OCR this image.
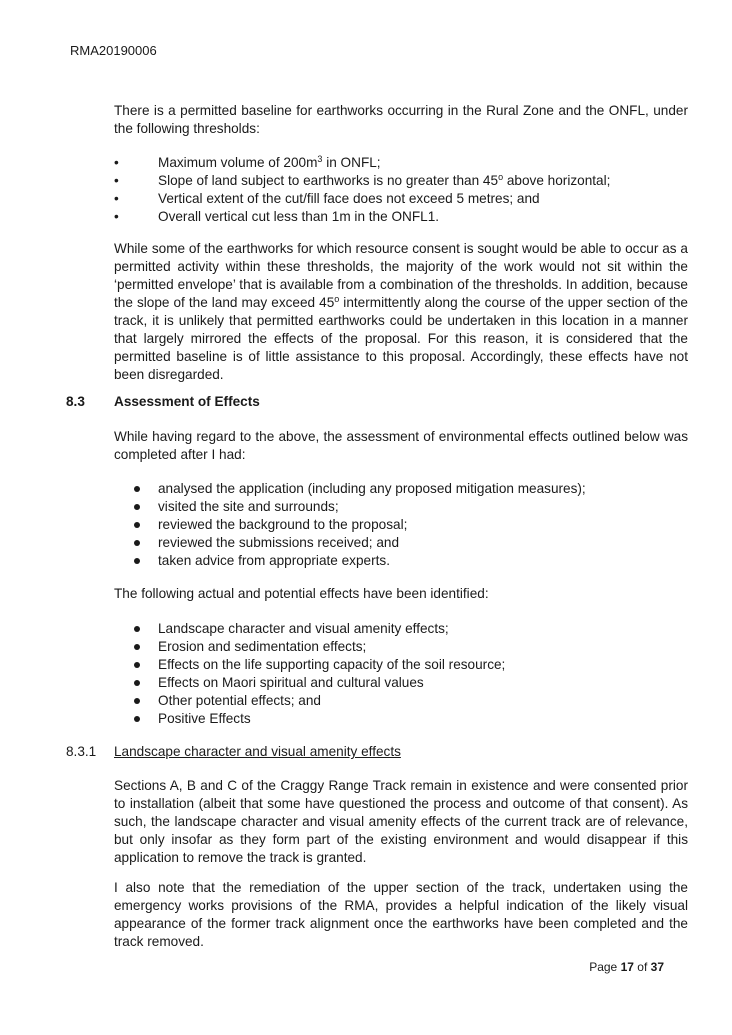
RMA20190006

There is a permitted baseline for earthworks occurring in the Rural Zone and the ONFL, under the following thresholds:

•	Maximum volume of $200m^3$ in ONFL;
•	Slope of land subject to earthworks is no greater than 45$^o$ above horizontal;
•	Vertical extent of the cut/fill face does not exceed 5 metres; and
•	Overall vertical cut less than 1m in the ONFL1.

While some of the earthworks for which resource consent is sought would be able to occur as a permitted activity within these thresholds, the majority of the work would not sit within the ‘permitted envelope’ that is available from a combination of the thresholds. In addition, because the slope of the land may exceed 45$^o$ intermittently along the course of the upper section of the track, it is unlikely that permitted earthworks could be undertaken in this location in a manner that largely mirrored the effects of the proposal. For this reason, it is considered that the permitted baseline is of little assistance to this proposal. Accordingly, these effects have not been disregarded.

8.3 Assessment of Effects

While having regard to the above, the assessment of environmental effects outlined below was completed after I had:

analysed the application (including any proposed mitigation measures);
visited the site and surrounds;
reviewed the background to the proposal;
reviewed the submissions received; and
taken advice from appropriate experts.

The following actual and potential effects have been identified:

Landscape character and visual amenity effects;
Erosion and sedimentation effects;
Effects on the life supporting capacity of the soil resource;
Effects on Maori spiritual and cultural values
Other potential effects; and
Positive Effects
8.3.1 Landscape character and visual amenity effects

Sections A, B and C of the Craggy Range Track remain in existence and were consented prior to installation (albeit that some have questioned the process and outcome of that consent). As such, the landscape character and visual amenity effects of the current track are of relevance, but only insofar as they form part of the existing environment and would disappear if this application to remove the track is granted.

I also note that the remediation of the upper section of the track, undertaken using the emergency works provisions of the RMA, provides a helpful indication of the likely visual appearance of the former track alignment once the earthworks have been completed and the track removed.

Page 17 of 37
